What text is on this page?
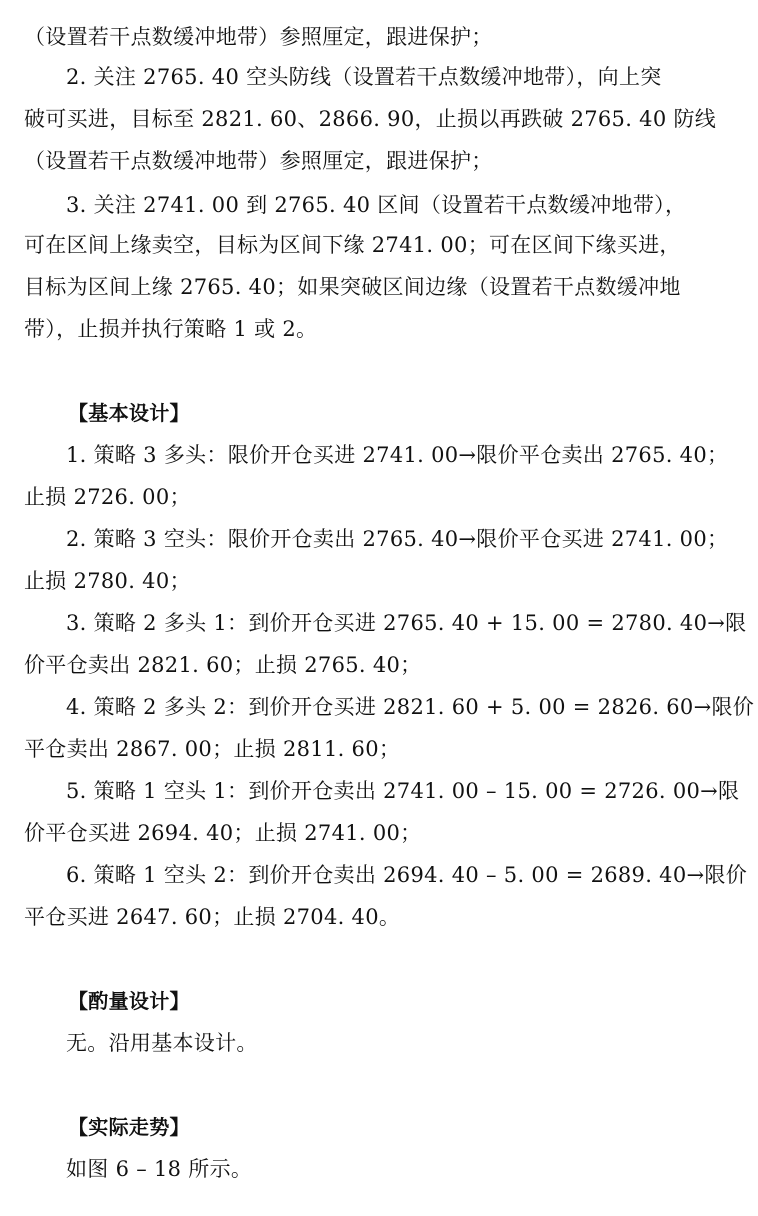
（设置若干点数缓冲地带）参照厘定，跟进保护；
2. 关注 2765. 40 空头防线（设置若干点数缓冲地带），向上突
破可买进，目标至 2821. 60、2866. 90，止损以再跌破 2765. 40 防线
（设置若干点数缓冲地带）参照厘定，跟进保护；
3. 关注 2741. 00 到 2765. 40 区间（设置若干点数缓冲地带），
可在区间上缘卖空，目标为区间下缘 2741. 00；可在区间下缘买进，
目标为区间上缘 2765. 40；如果突破区间边缘（设置若干点数缓冲地
带），止损并执行策略 1 或 2。
【基本设计】
1. 策略 3 多头：限价开仓买进 2741. 00→限价平仓卖出 2765. 40；
止损 2726. 00；
2. 策略 3 空头：限价开仓卖出 2765. 40→限价平仓买进 2741. 00；
止损 2780. 40；
3. 策略 2 多头 1：到价开仓买进 2765. 40 + 15. 00 = 2780. 40→限
价平仓卖出 2821. 60；止损 2765. 40；
4. 策略 2 多头 2：到价开仓买进 2821. 60 + 5. 00 = 2826. 60→限价
平仓卖出 2867. 00；止损 2811. 60；
5. 策略 1 空头 1：到价开仓卖出 2741. 00 – 15. 00 = 2726. 00→限
价平仓买进 2694. 40；止损 2741. 00；
6. 策略 1 空头 2：到价开仓卖出 2694. 40 – 5. 00 = 2689. 40→限价
平仓买进 2647. 60；止损 2704. 40。
【酌量设计】
无。沿用基本设计。
【实际走势】
如图 6 – 18 所示。
